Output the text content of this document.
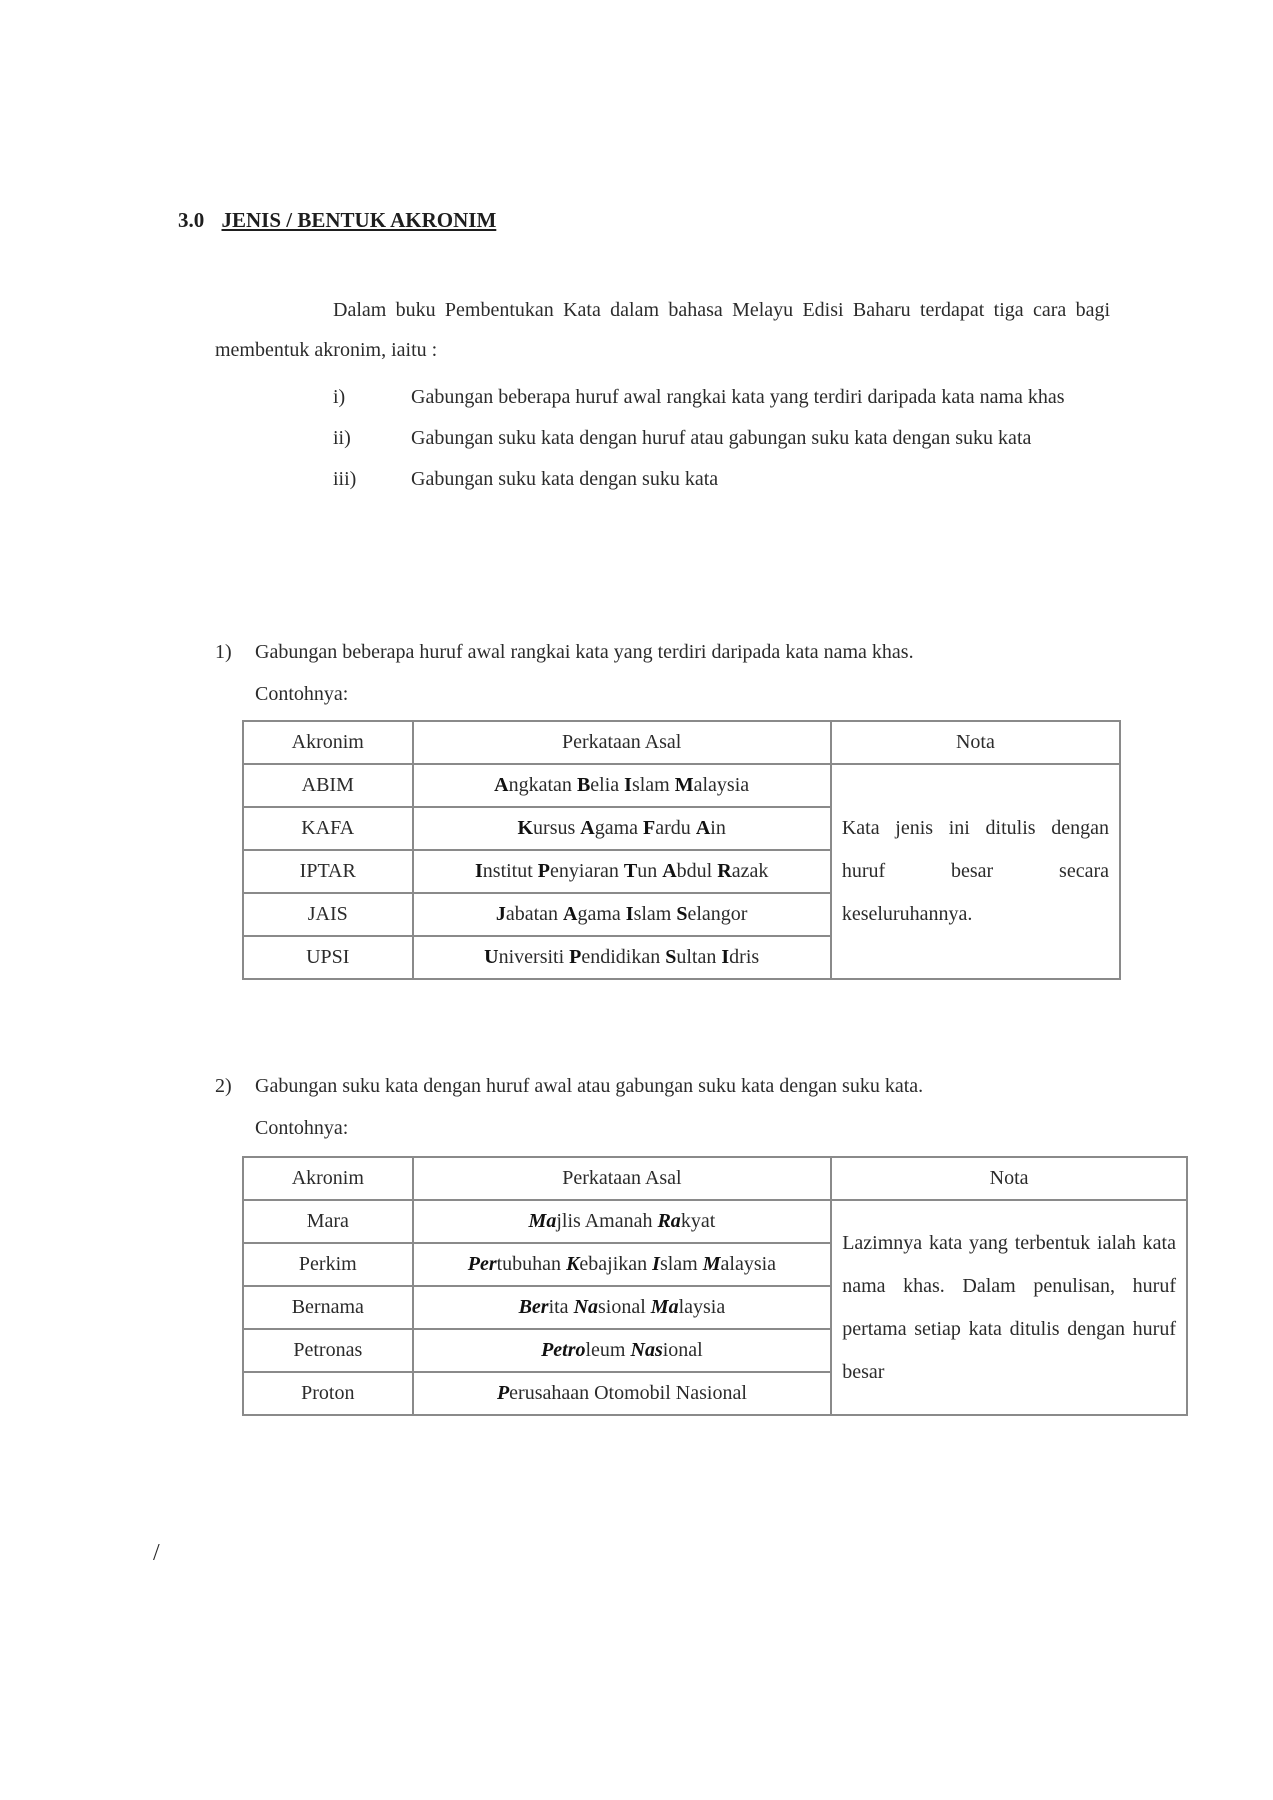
3.0 JENIS / BENTUK AKRONIM

Dalam buku Pembentukan Kata dalam bahasa Melayu Edisi Baharu terdapat tiga cara bagi membentuk akronim, iaitu :

i)	Gabungan beberapa huruf awal rangkai kata yang terdiri daripada kata nama khas
ii)	Gabungan suku kata dengan huruf atau gabungan suku kata dengan suku kata
iii)	Gabungan suku kata dengan suku kata
1) Gabungan beberapa huruf awal rangkai kata yang terdiri daripada kata nama khas.
Contohnya:
Akronim	Perkataan Asal	Nota
ABIM	Angkatan Belia Islam Malaysia	Kata jenis ini ditulis dengan huruf besar secara keseluruhannya.
KAFA	Kursus Agama Fardu Ain	
IPTAR	Institut Penyiaran Tun Abdul Razak	
JAIS	Jabatan Agama Islam Selangor	
UPSI	Universiti Pendidikan Sultan Idris	
2) Gabungan suku kata dengan huruf awal atau gabungan suku kata dengan suku kata.
Contohnya:
Akronim	Perkataan Asal	Nota
Mara	Majlis Amanah Rakyat	Lazimnya kata yang terbentuk ialah kata nama khas. Dalam penulisan, huruf pertama setiap kata ditulis dengan huruf besar
Perkim	Pertubuhan Kebajikan Islam Malaysia	
Bernama	Berita Nasional Malaysia	
Petronas	Petroleum Nasional	
Proton	Perusahaan Otomobil Nasional	
/
